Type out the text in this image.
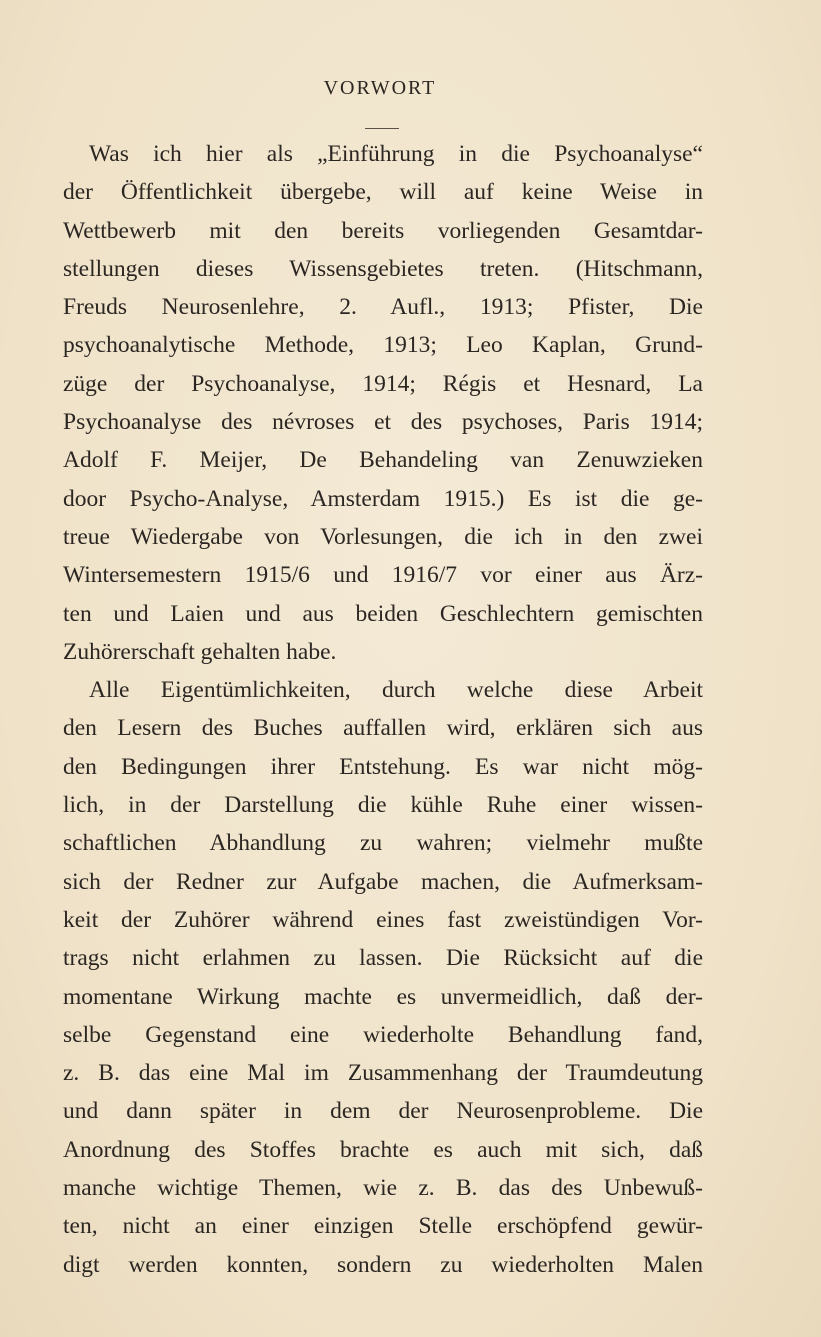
VORWORT
Was ich hier als „Einführung in die Psychoanalyse“
der Öffentlichkeit übergebe, will auf keine Weise in
Wettbewerb mit den bereits vorliegenden Gesamtdar-
stellungen dieses Wissensgebietes treten. (Hitschmann,
Freuds Neurosenlehre, 2. Aufl., 1913; Pfister, Die
psychoanalytische Methode, 1913; Leo Kaplan, Grund-
züge der Psychoanalyse, 1914; Régis et Hesnard, La
Psychoanalyse des névroses et des psychoses, Paris 1914;
Adolf F. Meijer, De Behandeling van Zenuwzieken
door Psycho-Analyse, Amsterdam 1915.) Es ist die ge-
treue Wiedergabe von Vorlesungen, die ich in den zwei
Wintersemestern 1915/6 und 1916/7 vor einer aus Ärz-
ten und Laien und aus beiden Geschlechtern gemischten
Zuhörerschaft gehalten habe.
Alle Eigentümlichkeiten, durch welche diese Arbeit
den Lesern des Buches auffallen wird, erklären sich aus
den Bedingungen ihrer Entstehung. Es war nicht mög-
lich, in der Darstellung die kühle Ruhe einer wissen-
schaftlichen Abhandlung zu wahren; vielmehr mußte
sich der Redner zur Aufgabe machen, die Aufmerksam-
keit der Zuhörer während eines fast zweistündigen Vor-
trags nicht erlahmen zu lassen. Die Rücksicht auf die
momentane Wirkung machte es unvermeidlich, daß der-
selbe Gegenstand eine wiederholte Behandlung fand,
z. B. das eine Mal im Zusammenhang der Traumdeutung
und dann später in dem der Neurosenprobleme. Die
Anordnung des Stoffes brachte es auch mit sich, daß
manche wichtige Themen, wie z. B. das des Unbewuß-
ten, nicht an einer einzigen Stelle erschöpfend gewür-
digt werden konnten, sondern zu wiederholten Malen
